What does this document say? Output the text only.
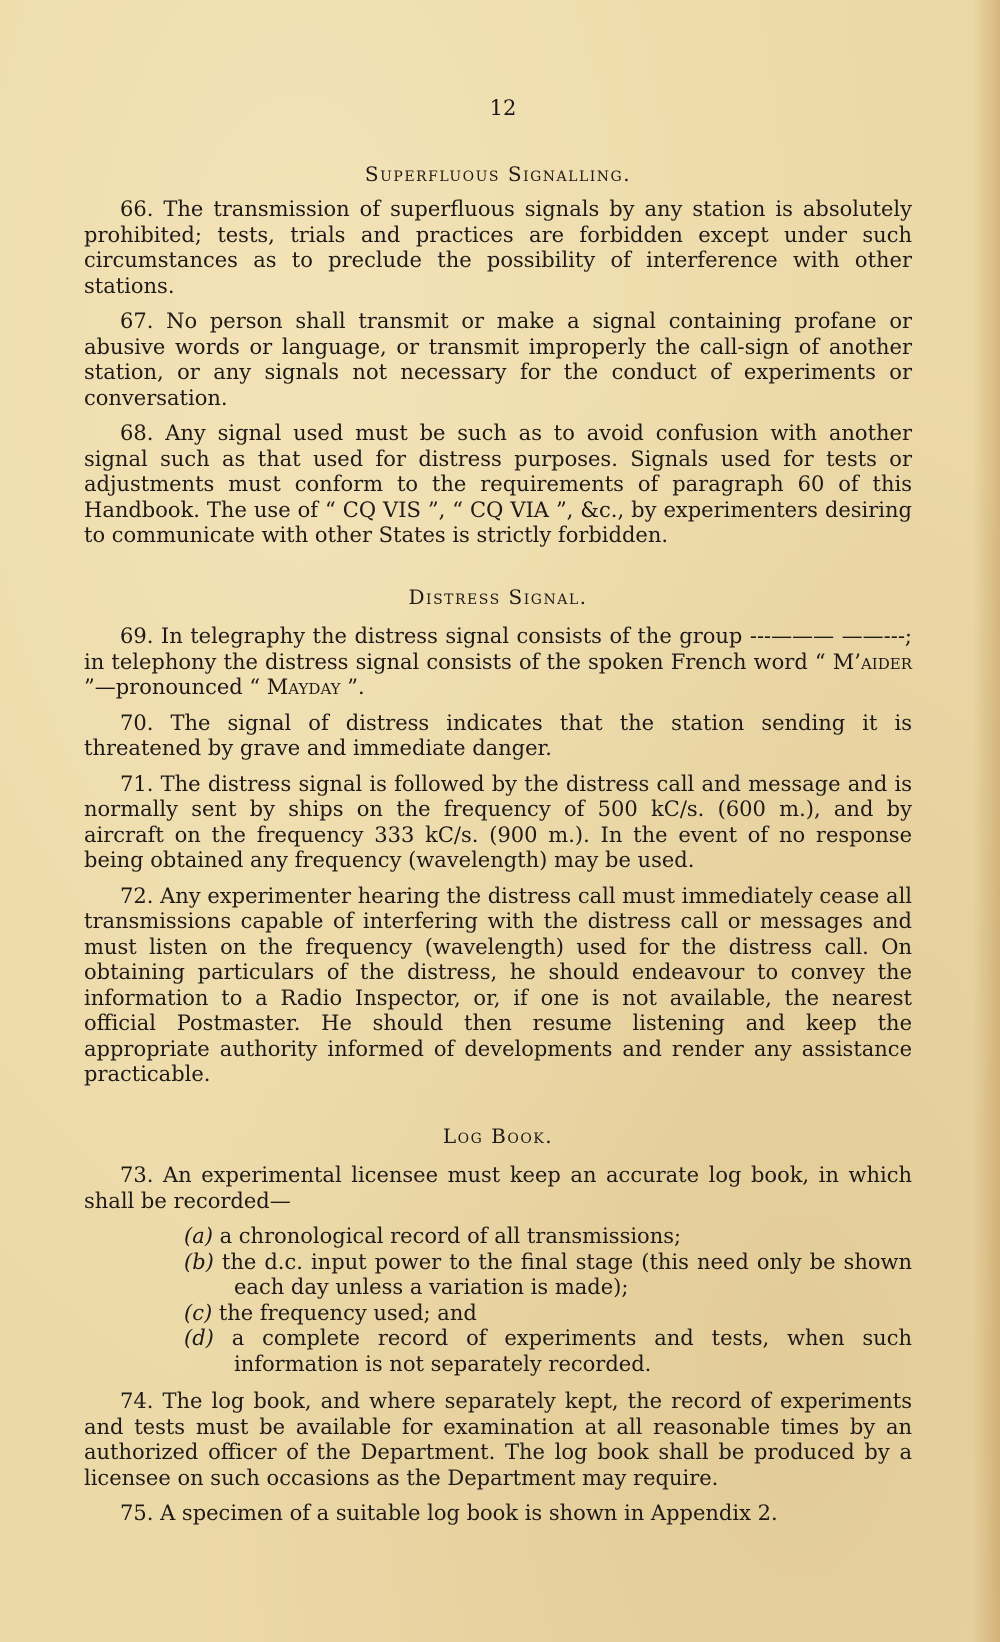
12
Superfluous Signalling.

66. The transmission of superfluous signals by any station is absolutely prohibited; tests, trials and practices are forbidden except under such circumstances as to preclude the possibility of interference with other stations.

67. No person shall transmit or make a signal containing profane or abusive words or language, or transmit improperly the call-sign of another station, or any signals not necessary for the conduct of experiments or conversation.

68. Any signal used must be such as to avoid confusion with another signal such as that used for distress purposes. Signals used for tests or adjustments must conform to the requirements of paragraph 60 of this Handbook. The use of “ CQ VIS ”, “ CQ VIA ”, &c., by experimenters desiring to communicate with other States is strictly forbidden.

Distress Signal.

69. In telegraphy the distress signal consists of the group ---——— ——---; in telephony the distress signal consists of the spoken French word “ M’aider ”—pronounced “ Mayday ”.

70. The signal of distress indicates that the station sending it is threatened by grave and immediate danger.

71. The distress signal is followed by the distress call and message and is normally sent by ships on the frequency of 500 kC/s. (600 m.), and by aircraft on the frequency 333 kC/s. (900 m.). In the event of no response being obtained any frequency (wavelength) may be used.

72. Any experimenter hearing the distress call must immediately cease all transmissions capable of interfering with the distress call or messages and must listen on the frequency (wavelength) used for the distress call. On obtaining particulars of the distress, he should endeavour to convey the information to a Radio Inspector, or, if one is not available, the nearest official Postmaster. He should then resume listening and keep the appropriate authority informed of developments and render any assistance practicable.

Log Book.

73. An experimental licensee must keep an accurate log book, in which shall be recorded—

(a) a chronological record of all transmissions;
(b) the d.c. input power to the final stage (this need only be shown each day unless a variation is made);
(c) the frequency used; and
(d) a complete record of experiments and tests, when such information is not separately recorded.

74. The log book, and where separately kept, the record of experiments and tests must be available for examination at all reasonable times by an authorized officer of the Department. The log book shall be produced by a licensee on such occasions as the Department may require.

75. A specimen of a suitable log book is shown in Appendix 2.
